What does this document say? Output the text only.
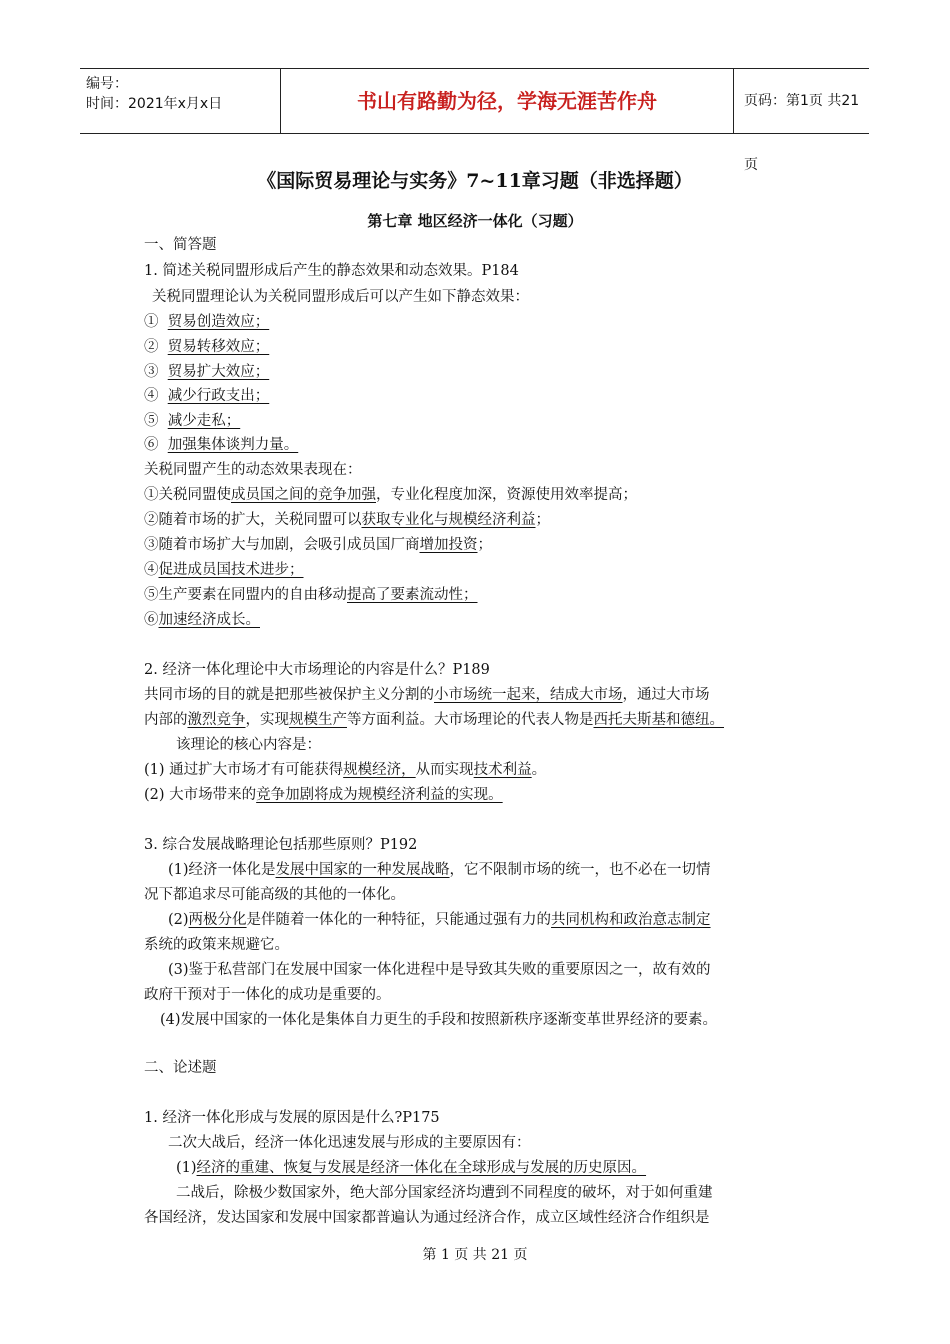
编号：
时间：2021年x月x日	书山有路勤为径，学海无涯苦作舟	页码：第1页 共21页
《国际贸易理论与实务》7~11章习题（非选择题）
第七章 地区经济一体化（习题）
一、简答题
1. 简述关税同盟形成后产生的静态效果和动态效果。P184
关税同盟理论认为关税同盟形成后可以产生如下静态效果：
① 贸易创造效应；
② 贸易转移效应；
③ 贸易扩大效应；
④ 减少行政支出；
⑤ 减少走私；
⑥ 加强集体谈判力量。
关税同盟产生的动态效果表现在：
①关税同盟使成员国之间的竞争加强，专业化程度加深，资源使用效率提高；
②随着市场的扩大，关税同盟可以获取专业化与规模经济利益；
③随着市场扩大与加剧，会吸引成员国厂商增加投资；
④促进成员国技术进步；
⑤生产要素在同盟内的自由移动提高了要素流动性；
⑥加速经济成长。
2. 经济一体化理论中大市场理论的内容是什么？P189
共同市场的目的就是把那些被保护主义分割的小市场统一起来，结成大市场，通过大市场
内部的激烈竞争，实现规模生产等方面利益。大市场理论的代表人物是西托夫斯基和德纽。
该理论的核心内容是：
(1) 通过扩大市场才有可能获得规模经济，从而实现技术利益。
(2) 大市场带来的竞争加剧将成为规模经济利益的实现。
3. 综合发展战略理论包括那些原则？P192
(1)经济一体化是发展中国家的一种发展战略，它不限制市场的统一，也不必在一切情
况下都追求尽可能高级的其他的一体化。
(2)两极分化是伴随着一体化的一种特征，只能通过强有力的共同机构和政治意志制定
系统的政策来规避它。
(3)鉴于私营部门在发展中国家一体化进程中是导致其失败的重要原因之一，故有效的
政府干预对于一体化的成功是重要的。
(4)发展中国家的一体化是集体自力更生的手段和按照新秩序逐渐变革世界经济的要素。
二、论述题
1. 经济一体化形成与发展的原因是什么?P175
二次大战后，经济一体化迅速发展与形成的主要原因有：
(1)经济的重建、恢复与发展是经济一体化在全球形成与发展的历史原因。
二战后，除极少数国家外，绝大部分国家经济均遭到不同程度的破坏，对于如何重建
各国经济，发达国家和发展中国家都普遍认为通过经济合作，成立区域性经济合作组织是
第 1 页 共 21 页
